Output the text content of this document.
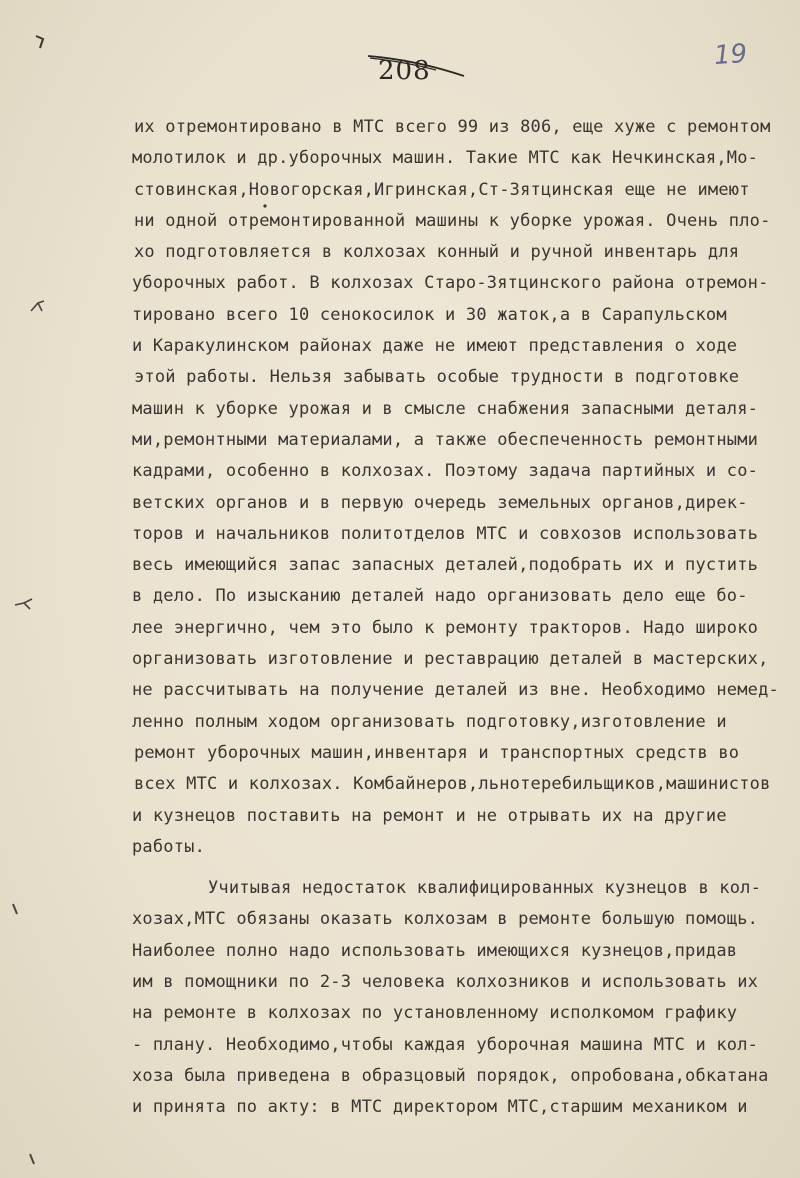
208	19
их отремонтировано в МТС всего 99 из 806, еще хуже с ремонтом
молотилок и др.уборочных машин. Такие МТС как Нечкинская,Мо-
стовинская,Новогорская,Игринская,Ст-Зятцинская еще не имеют
ни одной отремонтированной машины к уборке урожая. Очень пло-
хо подготовляется в колхозах конный и ручной инвентарь для
уборочных работ. В колхозах Старо-Зятцинского района отремон-
тировано всего 10 сенокосилок и 30 жаток,а в Сарапульском
и Каракулинском районах даже не имеют представления о ходе
этой работы. Нельзя забывать особые трудности в подготовке
машин к уборке урожая и в смысле снабжения запасными деталя-
ми,ремонтными материалами, а также обеспеченность ремонтными
кадрами, особенно в колхозах. Поэтому задача партийных и со-
ветских органов и в первую очередь земельных органов,дирек-
торов и начальников политотделов МТС и совхозов использовать
весь имеющийся запас запасных деталей,подобрать их и пустить
в дело. По изысканию деталей надо организовать дело еще бо-
лее энергично, чем это было к ремонту тракторов. Надо широко
организовать изготовление и реставрацию деталей в мастерских,
не рассчитывать на получение деталей из вне. Необходимо немед-
ленно полным ходом организовать подготовку,изготовление и
ремонт уборочных машин,инвентаря и транспортных средств во
всех МТС и колхозах. Комбайнеров,льнотеребильщиков,машинистов
и кузнецов поставить на ремонт и не отрывать их на другие
работы.
Учитывая недостаток квалифицированных кузнецов в кол-
хозах,МТС обязаны оказать колхозам в ремонте большую помощь.
Наиболее полно надо использовать имеющихся кузнецов,придав
им в помощники по 2-3 человека колхозников и использовать их
на ремонте в колхозах по установленному исполкомом графику
- плану. Необходимо,чтобы каждая уборочная машина МТС и кол-
хоза была приведена в образцовый порядок, опробована,обкатана
и принята по акту: в МТС директором МТС,старшим механиком и
